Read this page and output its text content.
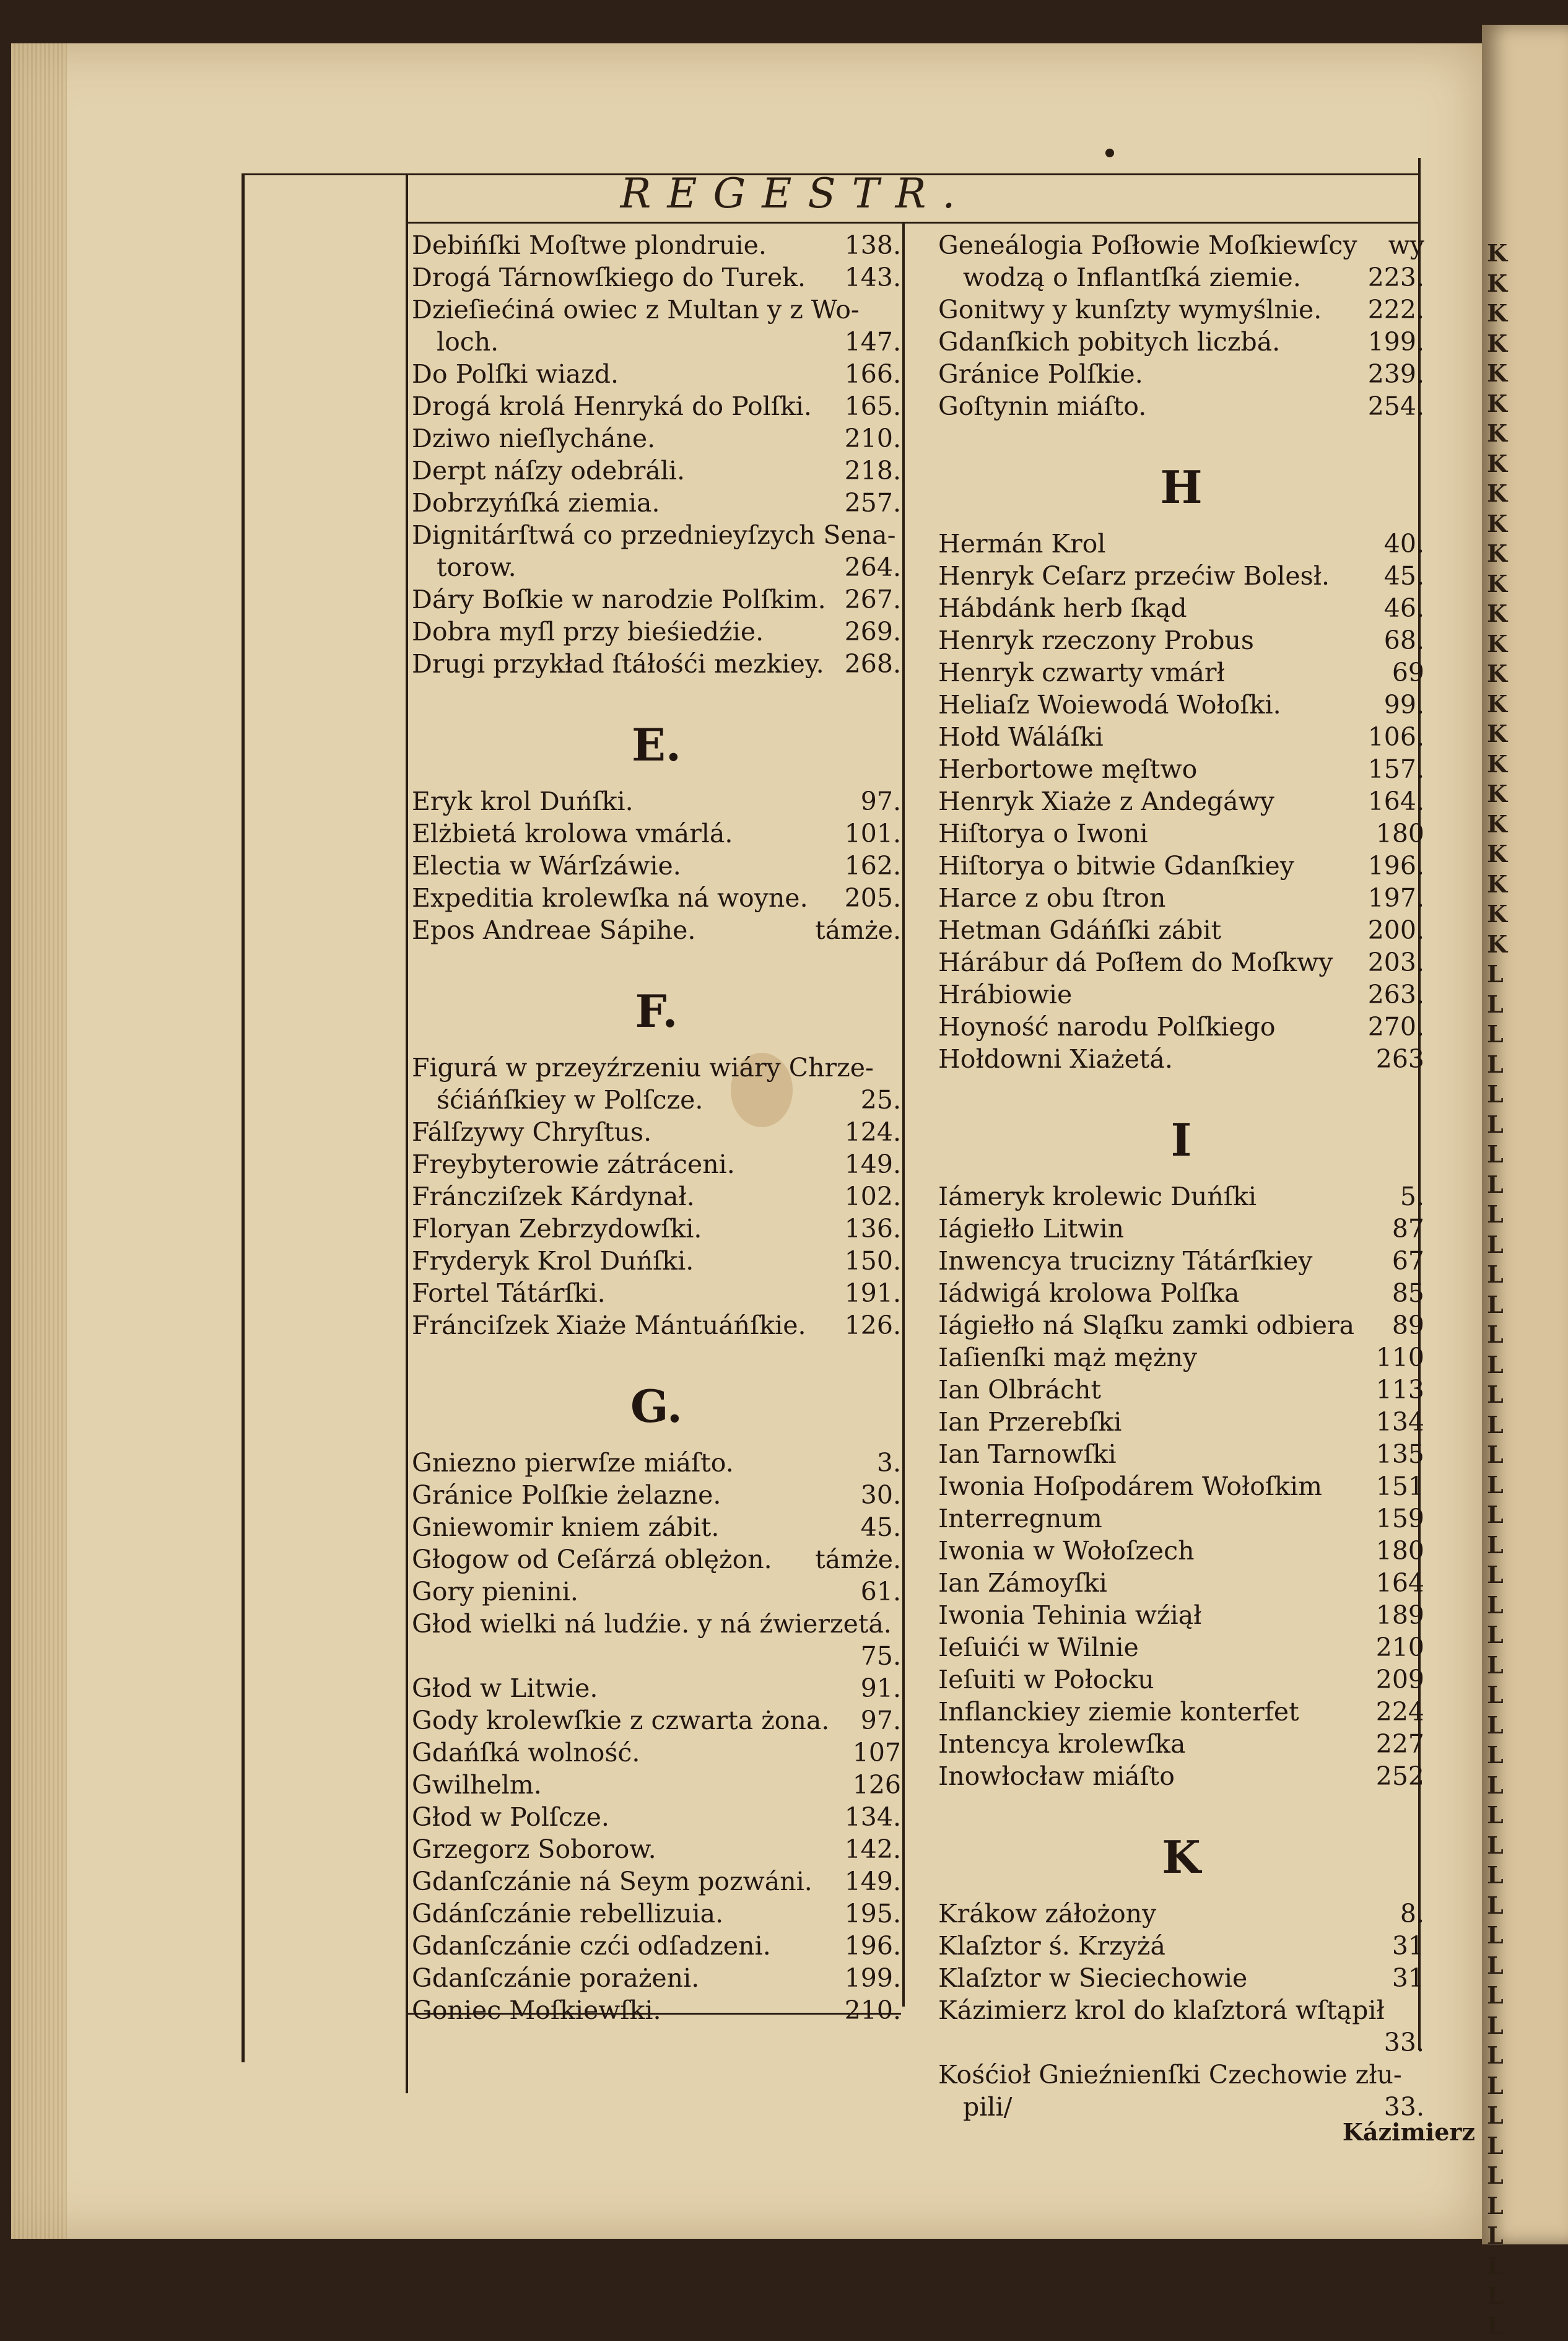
K
K
K
K
K
K
K
K
K
K
K
K
K
K
K
K
K
K
K
K
K
K
K
K
L
L
L
L
L
L
L
L
L
L
L
L
L
L
L
L
L
L
L
L
L
L
L
L
L
L
L
L
L
L
L
L
L
L
L
L
L
L
L
L
L
L
L
L
L
L
REGESTR.
Debińſki Moſtwe plondruie.	138.
Drogá Tárnowſkiego do Turek. 143.
Dzieſiećiná owiec z Multan y z Wo-
loch.	147.
Do Polſki wiazd.	166.
Drogá krolá Henryká do Polſki. 165.
Dziwo nieſlycháne.	210.
Derpt náſzy odebráli.	218.
Dobrzyńſká ziemia.	257.
Dignitárſtwá co przednieyſzych Sena-
torow.	264.
Dáry Boſkie w narodzie Polſkim. 267.
Dobra myſl przy bieśiedźie.	269.
Drugi przykład ſtáłośći mezkiey. 268.
E.
Eryk krol Duńſki.	97.
Elżbietá krolowa vmárlá.	101.
Electia w Wárſzáwie.	162.
Expeditia krolewſka ná woyne. 205.
Epos Andreae Sápihe.	támże.
F.
Figurá w przeyźrzeniu wiáry Chrze-
śćiáńſkiey w Polſcze.	25.
Fálſzywy Chryſtus.	124.
Freybyterowie zátráceni.	149.
Fráncziſzek Kárdynał.	102.
Floryan Zebrzydowſki.	136.
Fryderyk Krol Duńſki.	150.
Fortel Tátárſki.	191.
Fránciſzek Xiaże Mántuáńſkie. 126.
G.
Gniezno pierwſze miáſto.	3.
Gránice Polſkie żelazne.	30.
Gniewomir kniem zábit.	45.
Głogow od Ceſárzá oblężon. támże.
Gory pienini.	61.
Głod wielki ná ludźie. y ná źwierzetá.
75.
Głod w Litwie.	91.
Gody krolewſkie z czwarta żona. 97.
Gdańſká wolność.	107
Gwilhelm.	126
Głod w Polſcze.	134.
Grzegorz Soborow.	142.
Gdanſczánie ná Seym pozwáni. 149.
Gdánſczánie rebellizuia.	195.
Gdanſczánie czći odſadzeni.	196.
Gdanſczánie porażeni.	199.
Goniec Moſkiewſki.	210.
Geneálogia Poſłowie Moſkiewſcy wy
wodzą o Inflantſká ziemie.	223.
Gonitwy y kunſzty wymyślnie. 222.
Gdanſkich pobitych liczbá.	199.
Gránice Polſkie.	239.
Goſtynin miáſto.	254.
H
Hermán Krol	40.
Henryk Ceſarz przećiw Bolesł. 45.
Hábdánk herb ſkąd	46.
Henryk rzeczony Probus	68.
Henryk czwarty vmárł	69
Heliaſz Woiewodá Wołoſki.	99.
Hołd Wáláſki	106.
Herbortowe męſtwo	157.
Henryk Xiaże z Andegáwy	164.
Hiſtorya o Iwoni	180
Hiſtorya o bitwie Gdanſkiey	196.
Harce z obu ſtron	197.
Hetman Gdáńſki zábit	200.
Hárábur dá Poſłem do Moſkwy 203.
Hrábiowie	263.
Hoyność narodu Polſkiego	270.
Hołdowni Xiażetá.	263
I
Iámeryk krolewic Duńſki	5.
Iágiełło Litwin	87
Inwencya trucizny Tátárſkiey	67
Iádwigá krolowa Polſka	85
Iágiełło ná Sląſku zamki odbiera 89
Iaſienſki mąż mężny	110
Ian Olbrácht	113
Ian Przerebſki	134
Ian Tarnowſki	135
Iwonia Hoſpodárem Wołoſkim 151
Interregnum	159
Iwonia w Wołoſzech	180
Ian Zámoyſki	164
Iwonia Tehinia wźiął	189
Ieſuići w Wilnie	210
Ieſuiti w Połocku	209
Inflanckiey ziemie konterfet	224
Intencya krolewſka	227
Inowłocław miáſto	252
K
Krákow záłożony	8.
Klaſztor ś. Krzyżá	31
Klaſztor w Sieciechowie	31
Kázimierz krol do klaſztorá wſtąpił
33.
Kośćioł Gnieźnienſki Czechowie złu-
pili/	33.
Kázimierz
